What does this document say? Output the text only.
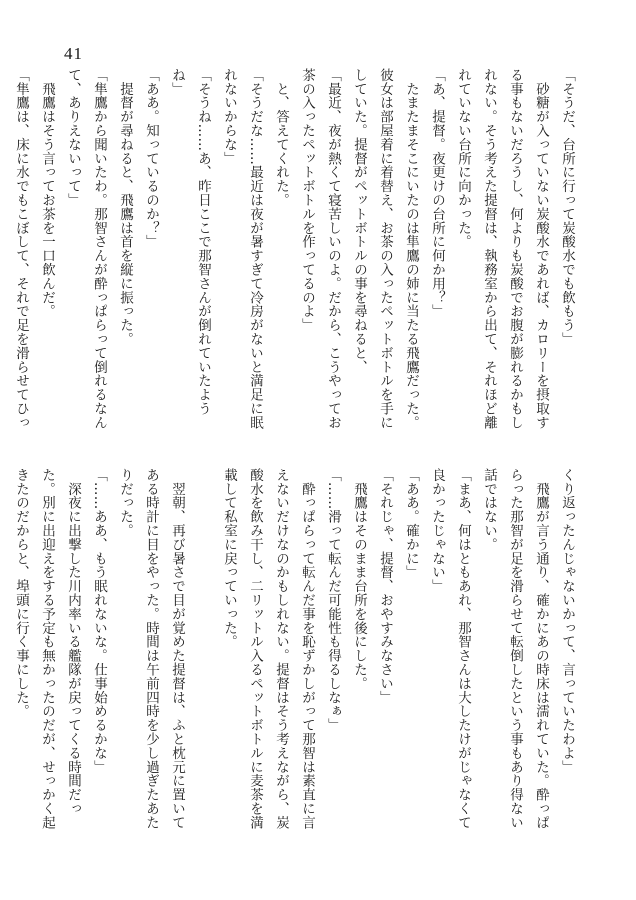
41

「そうだ、台所に行って炭酸水でも飲もう」

　砂糖が入っていない炭酸水であれば、カロリーを摂取す

る事もないだろうし、何よりも炭酸でお腹が膨れるかもし

れない。そう考えた提督は、執務室から出て、それほど離

れていない台所に向かった。

「あ、提督。夜更けの台所に何か用？」

　たまたまそこにいたのは隼鷹の姉に当たる飛鷹だった。

彼女は部屋着に着替え、お茶の入ったペットボトルを手に

していた。提督がペットボトルの事を尋ねると、

「最近、夜が熱くて寝苦しいのよ。だから、こうやってお

茶の入ったペットボトルを作ってるのよ」

　と、答えてくれた。

「そうだな……最近は夜が暑すぎて冷房がないと満足に眠

れないからな」

「そうね……あ、昨日ここで那智さんが倒れていたよう

ね」

「ああ。知っているのか？」

　提督が尋ねると、飛鷹は首を縦に振った。

「隼鷹から聞いたわ。那智さんが酔っぱらって倒れるなん

て、ありえないって」

　飛鷹はそう言ってお茶を一口飲んだ。

「隼鷹は、床に水でもこぼして、それで足を滑らせてひっ

くり返ったんじゃないかって、言っていたわよ」

　飛鷹が言う通り、確かにあの時床は濡れていた。酔っぱ

らった那智が足を滑らせて転倒したという事もあり得ない

話ではない。

「まあ、何はともあれ、那智さんは大したけがじゃなくて

良かったじゃない」

「ああ。確かに」

「それじゃ、提督、おやすみなさい」

　飛鷹はそのまま台所を後にした。

「……滑って転んだ可能性も得るしなぁ」

　酔っぱらって転んだ事を恥ずかしがって那智は素直に言

えないだけなのかもしれない。提督はそう考えながら、炭

酸水を飲み干し、二リットル入るペットボトルに麦茶を満

載して私室に戻っていった。

　翌朝、再び暑さで目が覚めた提督は、ふと枕元に置いて

ある時計に目をやった。時間は午前四時を少し過ぎたあた

りだった。

「……ああ、もう眠れないな。仕事始めるかな」

　深夜に出撃した川内率いる艦隊が戻ってくる時間だっ

た。別に出迎えをする予定も無かったのだが、せっかく起

きたのだからと、埠頭に行く事にした。
